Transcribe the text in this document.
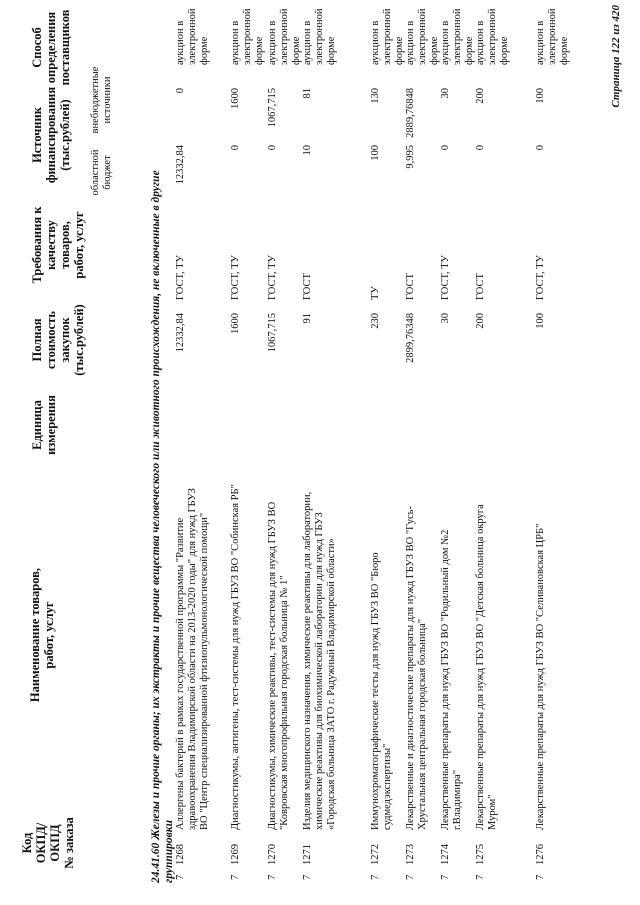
Код
ОКПД/
ОКПД
№ заказа
Наименование товаров,
работ, услуг
Единица
измерения
Полная
стоимость
закупок
(тыс.рублей)
Требования к
качеству товаров,
работ, услуг
Источник
финансирования
(тыс.рублей)
областной
бюджет
внебюджетные
источники
Способ
определения
поставщиков
24.41.60 Железы и прочие органы; их экстракты и прочие вещества человеческого или животного происхождения, не включенные в другие группировки 7
1268
Аллергены бактерий в рамках государственной программы "Развитие здравоохранения Владимирской области на 2013-2020 годы" для нужд ГБУЗ ВО "Центр специализированной фтизиопульмонологической помощи"
12332,84
ГОСТ, ТУ
12332,84
0
аукцион в
электронной
форме
7
1269
Диагностикумы, антигены, тест-системы для нужд ГБУЗ ВО "Собинская РБ"
1600
ГОСТ, ТУ
0
1600
аукцион в
электронной
форме
7
1270
Диагностикумы, химические реактивы, тест-системы для нужд ГБУЗ ВО "Ковровская многопрофильная городская больница № 1"
1067,715
ГОСТ, ТУ
0
1067,715
аукцион в
электронной
форме
7
1271
Изделия медицинского назначения, химические реактивы для лаборатории, химические реактивы для биохимической лаборатории для нужд ГБУЗ «Городская больница ЗАТО г. Радужный Владимирской области»
91
ГОСТ
10
81
аукцион в
электронной
форме
7
1272
Иммунохроматографические тесты для нужд ГБУЗ ВО "Бюро судмедэкспертизы"
230
ТУ
100
130
аукцион в
электронной
форме
7
1273
Лекарственные и диагностические препараты для нужд ГБУЗ ВО "Гусь-Хрустальная центральная городская больница"
2899,76348
ГОСТ
9,995
2889,76848
аукцион в
электронной
форме
7
1274
Лекарственные препараты для нужд ГБУЗ ВО "Родильный дом №2 г.Владимира"
30
ГОСТ, ТУ
0
30
аукцион в
электронной
форме
7
1275
Лекарственные препараты для нужд ГБУЗ ВО "Детская больница округа Муром"
200
ГОСТ
0
200
аукцион в
электронной
форме
7
1276
Лекарственные препараты для нужд ГБУЗ ВО "Селивановская ЦРБ"
100
ГОСТ, ТУ
0
100
аукцион в
электронной
форме	Страница 122 из 420
